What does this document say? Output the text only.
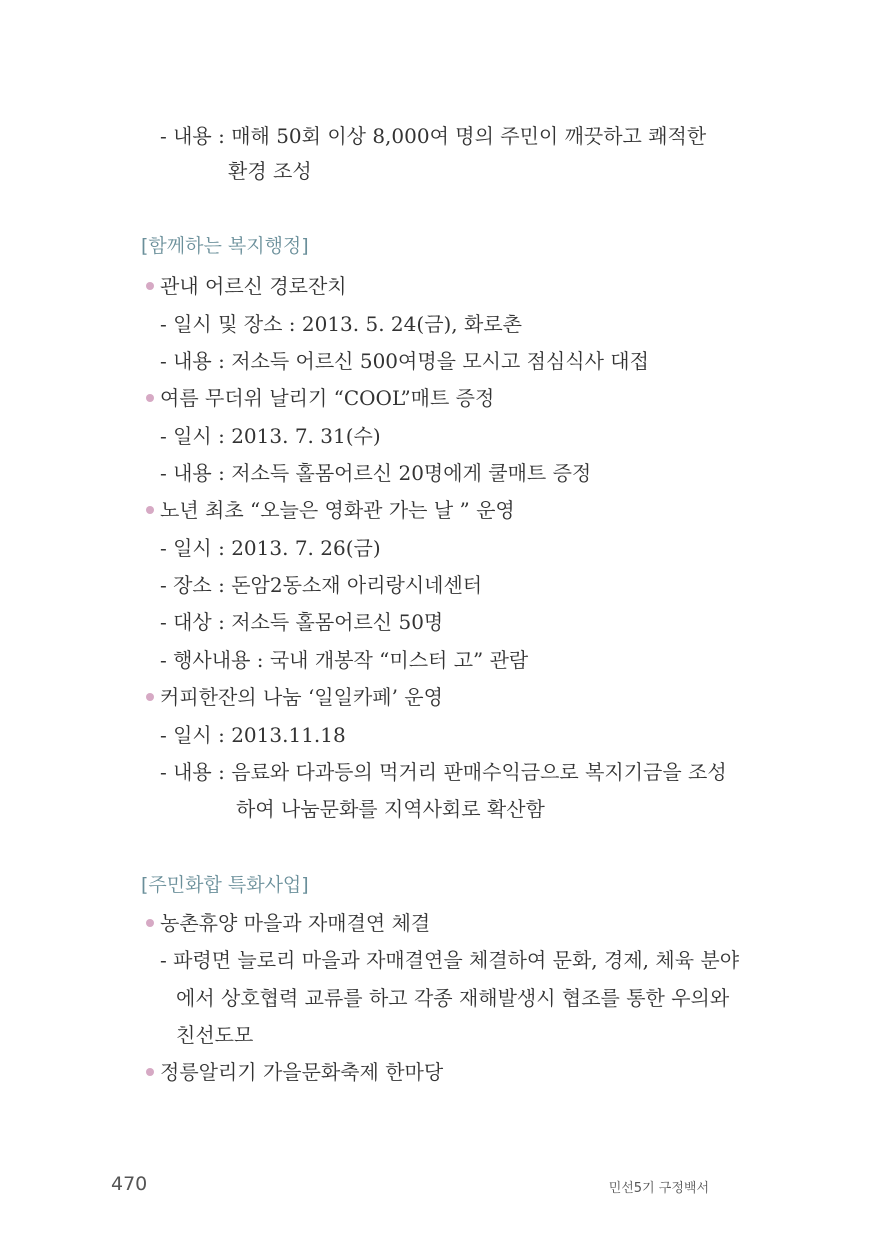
- 내용 : 매해 50회 이상 8,000여 명의 주민이 깨끗하고 쾌적한
환경 조성
[함께하는 복지행정]
관내 어르신 경로잔치
- 일시 및 장소 : 2013. 5. 24(금), 화로촌
- 내용 : 저소득 어르신 500여명을 모시고 점심식사 대접
여름 무더위 날리기 “COOL”매트 증정
- 일시 : 2013. 7. 31(수)
- 내용 : 저소득 홀몸어르신 20명에게 쿨매트 증정
노년 최초 “오늘은 영화관 가는 날 ” 운영
- 일시 : 2013. 7. 26(금)
- 장소 : 돈암2동소재 아리랑시네센터
- 대상 : 저소득 홀몸어르신 50명
- 행사내용 : 국내 개봉작 “미스터 고” 관람
커피한잔의 나눔 ‘일일카페’ 운영
- 일시 : 2013.11.18
- 내용 : 음료와 다과등의 먹거리 판매수익금으로 복지기금을 조성
하여 나눔문화를 지역사회로 확산함
[주민화합 특화사업]
농촌휴양 마을과 자매결연 체결
- 파령면 늘로리 마을과 자매결연을 체결하여 문화, 경제, 체육 분야
에서 상호협력 교류를 하고 각종 재해발생시 협조를 통한 우의와
친선도모
정릉알리기 가을문화축제 한마당
470	민선5기 구정백서
